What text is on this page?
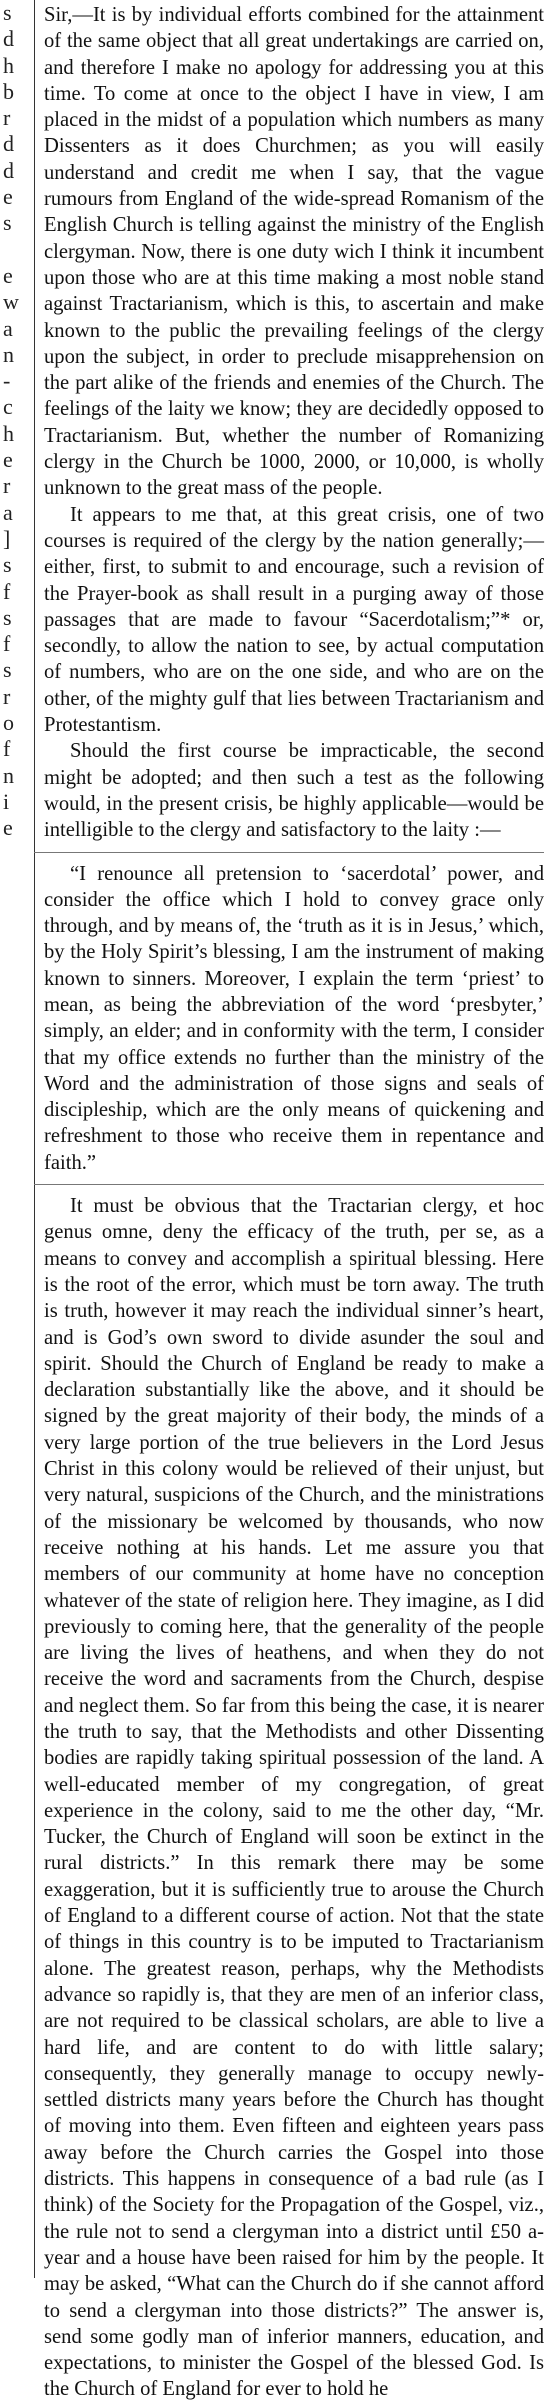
s
d
h
b
r
d
d
e
s
e
w
a
n
-
c
h
e
r
a
]
s
f
s
f
s
r
o
f
n
i
e

Sir,—It is by individual efforts combined for the attainment of the same object that all great undertakings are carried on, and therefore I make no apology for addressing you at this time. To come at once to the object I have in view, I am placed in the midst of a population which numbers as many Dissenters as it does Churchmen; as you will easily understand and credit me when I say, that the vague rumours from England of the wide-spread Romanism of the English Church is telling against the ministry of the English clergyman. Now, there is one duty wich I think it incumbent upon those who are at this time making a most noble stand against Tractarianism, which is this, to ascertain and make known to the public the prevailing feelings of the clergy upon the subject, in order to preclude misapprehension on the part alike of the friends and enemies of the Church. The feelings of the laity we know; they are decidedly opposed to Tractarianism. But, whether the number of Romanizing clergy in the Church be 1000, 2000, or 10,000, is wholly unknown to the great mass of the people.

It appears to me that, at this great crisis, one of two courses is required of the clergy by the nation generally;—either, first, to submit to and encourage, such a revision of the Prayer-book as shall result in a purging away of those passages that are made to favour “Sacerdotalism;”* or, secondly, to allow the nation to see, by actual computation of numbers, who are on the one side, and who are on the other, of the mighty gulf that lies between Tractarianism and Protestantism.

Should the first course be impracticable, the second might be adopted; and then such a test as the following would, in the present crisis, be highly applicable—would be intelligible to the clergy and satisfactory to the laity :—

“I renounce all pretension to ‘sacerdotal’ power, and consider the office which I hold to convey grace only through, and by means of, the ‘truth as it is in Jesus,’ which, by the Holy Spirit’s blessing, I am the instrument of making known to sinners. Moreover, I explain the term ‘priest’ to mean, as being the abbreviation of the word ‘presbyter,’ simply, an elder; and in conformity with the term, I consider that my office extends no further than the ministry of the Word and the administration of those signs and seals of discipleship, which are the only means of quickening and refreshment to those who receive them in repentance and faith.”

It must be obvious that the Tractarian clergy, et hoc genus omne, deny the efficacy of the truth, per se, as a means to convey and accomplish a spiritual blessing. Here is the root of the error, which must be torn away. The truth is truth, however it may reach the individual sinner’s heart, and is God’s own sword to divide asunder the soul and spirit. Should the Church of England be ready to make a declaration substantially like the above, and it should be signed by the great majority of their body, the minds of a very large portion of the true believers in the Lord Jesus Christ in this colony would be relieved of their unjust, but very natural, suspicions of the Church, and the ministrations of the missionary be welcomed by thousands, who now receive nothing at his hands. Let me assure you that members of our community at home have no conception whatever of the state of religion here. They imagine, as I did previously to coming here, that the generality of the people are living the lives of heathens, and when they do not receive the word and sacraments from the Church, despise and neglect them. So far from this being the case, it is nearer the truth to say, that the Methodists and other Dissenting bodies are rapidly taking spiritual possession of the land. A well-educated member of my congregation, of great experience in the colony, said to me the other day, “Mr. Tucker, the Church of England will soon be extinct in the rural districts.” In this remark there may be some exaggeration, but it is sufficiently true to arouse the Church of England to a different course of action. Not that the state of things in this country is to be imputed to Tractarianism alone. The greatest reason, perhaps, why the Methodists advance so rapidly is, that they are men of an inferior class, are not required to be classical scholars, are able to live a hard life, and are content to do with little salary; consequently, they generally manage to occupy newly-settled districts many years before the Church has thought of moving into them. Even fifteen and eighteen years pass away before the Church carries the Gospel into those districts. This happens in consequence of a bad rule (as I think) of the Society for the Propagation of the Gospel, viz., the rule not to send a clergyman into a district until £50 a-year and a house have been raised for him by the people. It may be asked, “What can the Church do if she cannot afford to send a clergyman into those districts?” The answer is, send some godly man of inferior manners, education, and expectations, to minister the Gospel of the blessed God. Is the Church of England for ever to hold he
